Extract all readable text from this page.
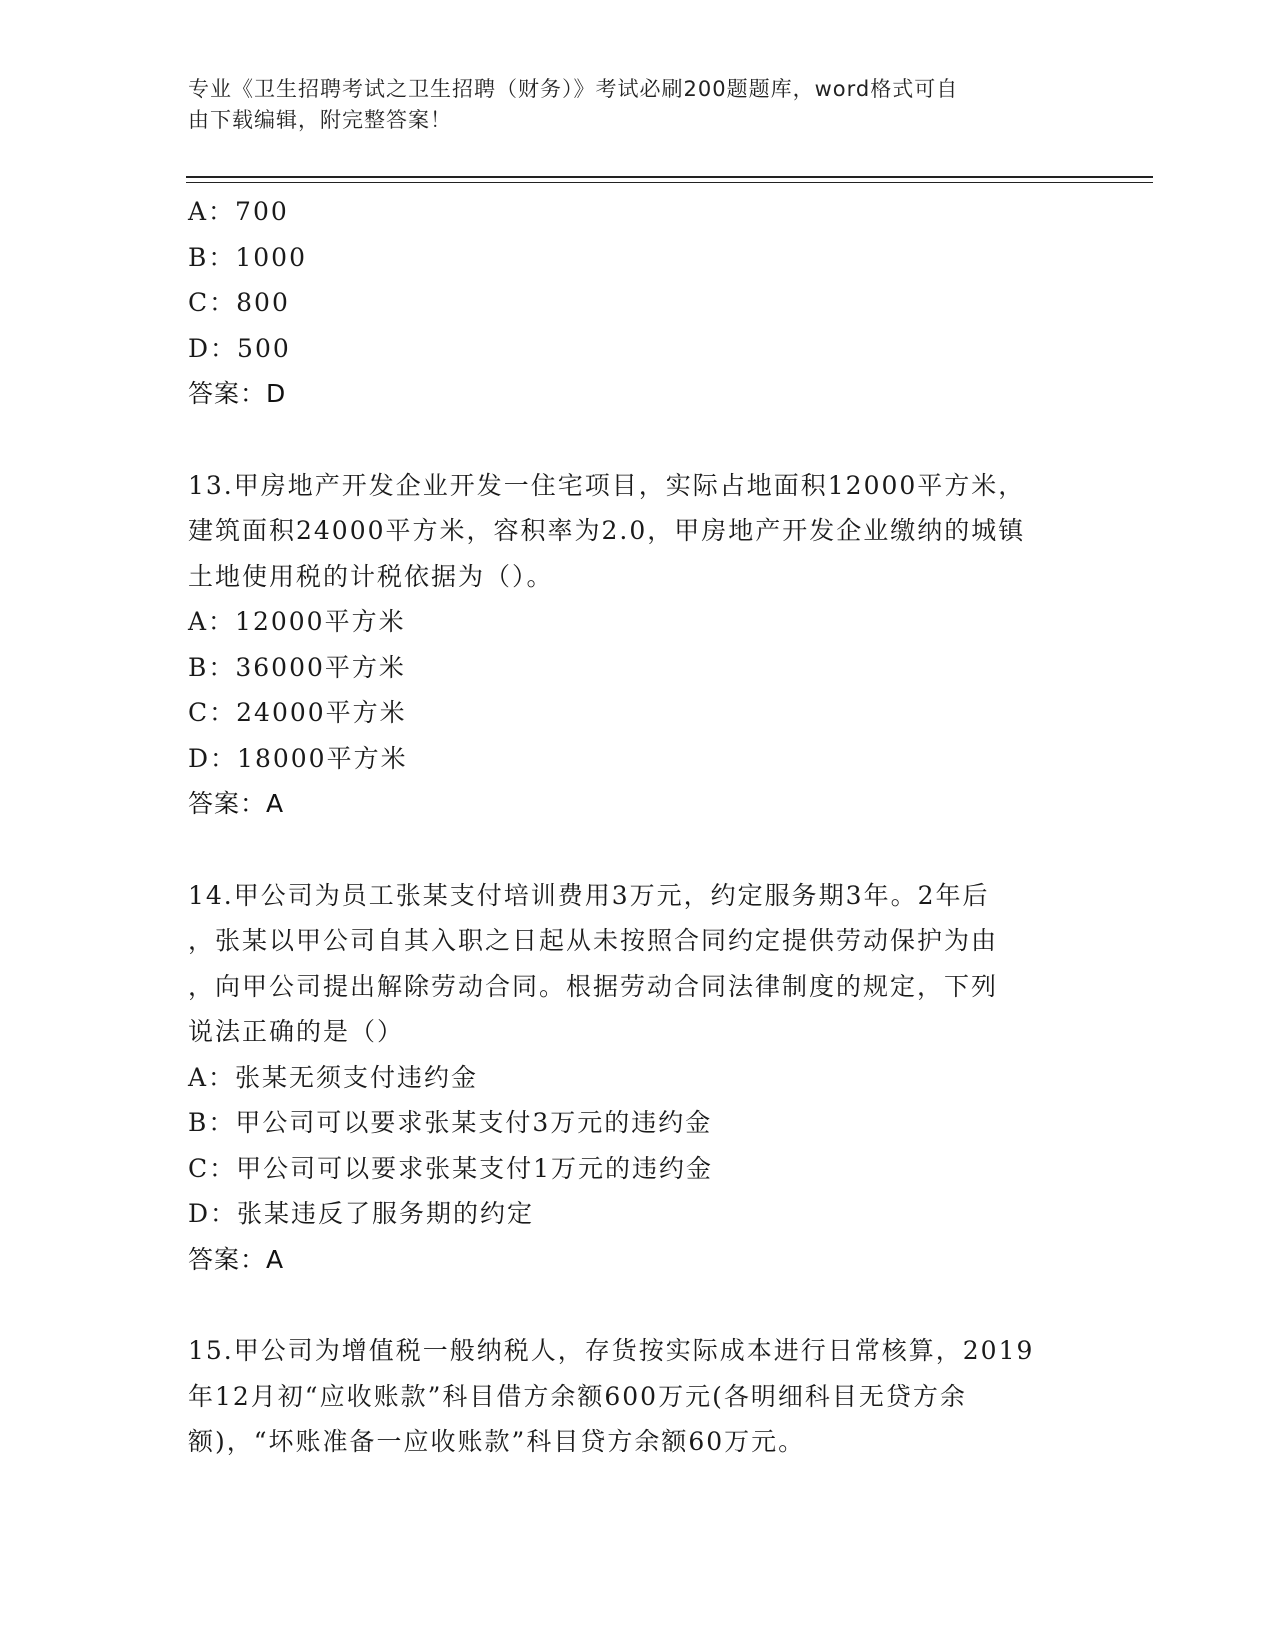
专业《卫生招聘考试之卫生招聘（财务）》考试必刷200题题库，word格式可自
由下载编辑，附完整答案！
A：700
B：1000
C：800
D：500
答案：D
13.甲房地产开发企业开发一住宅项目，实际占地面积12000平方米，
建筑面积24000平方米，容积率为2.0，甲房地产开发企业缴纳的城镇
土地使用税的计税依据为（）。
A：12000平方米
B：36000平方米
C：24000平方米
D：18000平方米
答案：A
14.甲公司为员工张某支付培训费用3万元，约定服务期3年。2年后
，张某以甲公司自其入职之日起从未按照合同约定提供劳动保护为由
，向甲公司提出解除劳动合同。根据劳动合同法律制度的规定，下列
说法正确的是（）
A：张某无须支付违约金
B：甲公司可以要求张某支付3万元的违约金
C：甲公司可以要求张某支付1万元的违约金
D：张某违反了服务期的约定
答案：A
15.甲公司为增值税一般纳税人，存货按实际成本进行日常核算，2019
年12月初“应收账款”科目借方余额600万元(各明细科目无贷方余
额)，“坏账准备一应收账款”科目贷方余额60万元。
